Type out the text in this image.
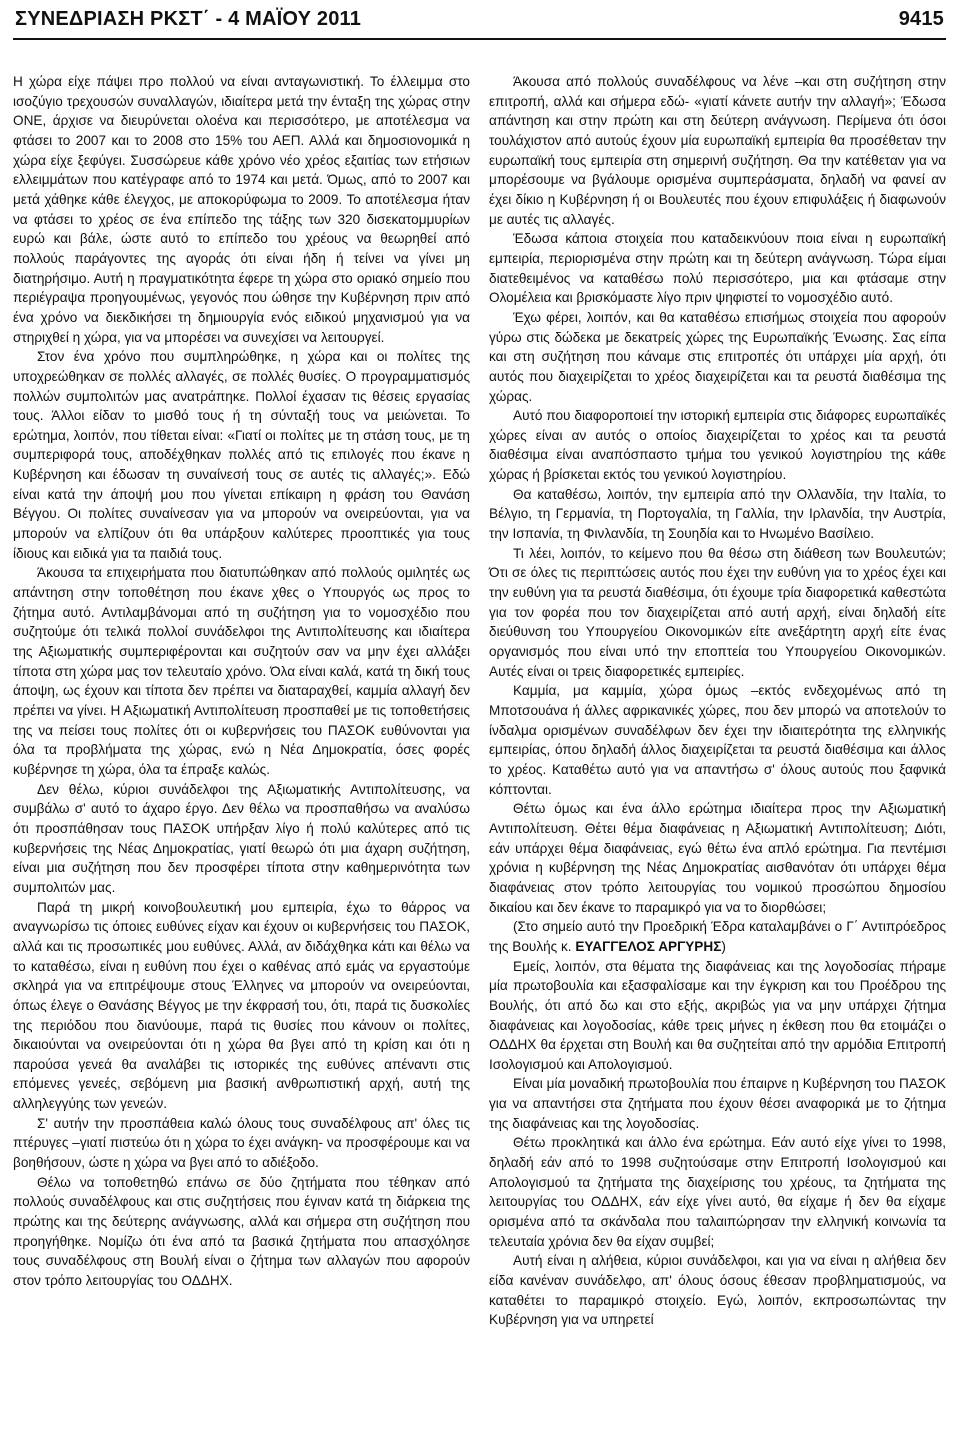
ΣΥΝΕΔΡΙΑΣΗ ΡΚΣΤ΄ - 4 ΜΑΪΟΥ 2011	9415

Η χώρα είχε πάψει προ πολλού να είναι ανταγωνιστική. Το έλλειμμα στο ισοζύγιο τρεχουσών συναλλαγών, ιδιαίτερα μετά την ένταξη της χώρας στην ΟΝΕ, άρχισε να διευρύνεται ολοένα και περισσότερο, με αποτέλεσμα να φτάσει το 2007 και το 2008 στο 15% του ΑΕΠ. Αλλά και δημοσιονομικά η χώρα είχε ξεφύγει. Συσσώρευε κάθε χρόνο νέο χρέος εξαιτίας των ετήσιων ελλειμμάτων που κατέγραφε από το 1974 και μετά. Όμως, από το 2007 και μετά χάθηκε κάθε έλεγχος, με αποκορύφωμα το 2009. Το αποτέλεσμα ήταν να φτάσει το χρέος σε ένα επίπεδο της τάξης των 320 δισεκατομμυρίων ευρώ και βάλε, ώστε αυτό το επίπεδο του χρέους να θεωρηθεί από πολλούς παράγοντες της αγοράς ότι είναι ήδη ή τείνει να γίνει μη διατηρήσιμο. Αυτή η πραγματικότητα έφερε τη χώρα στο οριακό σημείο που περιέγραψα προηγουμένως, γεγονός που ώθησε την Κυβέρνηση πριν από ένα χρόνο να διεκδικήσει τη δημιουργία ενός ειδικού μηχανισμού για να στηριχθεί η χώρα, για να μπορέσει να συνεχίσει να λειτουργεί.

Στον ένα χρόνο που συμπληρώθηκε, η χώρα και οι πολίτες της υποχρεώθηκαν σε πολλές αλλαγές, σε πολλές θυσίες. Ο προγραμματισμός πολλών συμπολιτών μας ανατράπηκε. Πολλοί έχασαν τις θέσεις εργασίας τους. Άλλοι είδαν το μισθό τους ή τη σύνταξή τους να μειώνεται. Το ερώτημα, λοιπόν, που τίθεται είναι: «Γιατί οι πολίτες με τη στάση τους, με τη συμπεριφορά τους, αποδέχθηκαν πολλές από τις επιλογές που έκανε η Κυβέρνηση και έδωσαν τη συναίνεσή τους σε αυτές τις αλλαγές;». Εδώ είναι κατά την άποψή μου που γίνεται επίκαιρη η φράση του Θανάση Βέγγου. Οι πολίτες συναίνεσαν για να μπορούν να ονειρεύονται, για να μπορούν να ελπίζουν ότι θα υπάρξουν καλύτερες προοπτικές για τους ίδιους και ειδικά για τα παιδιά τους.

Άκουσα τα επιχειρήματα που διατυπώθηκαν από πολλούς ομιλητές ως απάντηση στην τοποθέτηση που έκανε χθες ο Υπουργός ως προς το ζήτημα αυτό. Αντιλαμβάνομαι από τη συζήτηση για το νομοσχέδιο που συζητούμε ότι τελικά πολλοί συνάδελφοι της Αντιπολίτευσης και ιδιαίτερα της Αξιωματικής συμπεριφέρονται και συζητούν σαν να μην έχει αλλάξει τίποτα στη χώρα μας τον τελευταίο χρόνο. Όλα είναι καλά, κατά τη δική τους άποψη, ως έχουν και τίποτα δεν πρέπει να διαταραχθεί, καμμία αλλαγή δεν πρέπει να γίνει. Η Αξιωματική Αντιπολίτευση προσπαθεί με τις τοποθετήσεις της να πείσει τους πολίτες ότι οι κυβερνήσεις του ΠΑΣΟΚ ευθύνονται για όλα τα προβλήματα της χώρας, ενώ η Νέα Δημοκρατία, όσες φορές κυβέρνησε τη χώρα, όλα τα έπραξε καλώς.

Δεν θέλω, κύριοι συνάδελφοι της Αξιωματικής Αντιπολίτευσης, να συμβάλω σ' αυτό το άχαρο έργο. Δεν θέλω να προσπαθήσω να αναλύσω ότι προσπάθησαν τους ΠΑΣΟΚ υπήρξαν λίγο ή πολύ καλύτερες από τις κυβερνήσεις της Νέας Δημοκρατίας, γιατί θεωρώ ότι μια άχαρη συζήτηση, είναι μια συζήτηση που δεν προσφέρει τίποτα στην καθημερινότητα των συμπολιτών μας.

Παρά τη μικρή κοινοβουλευτική μου εμπειρία, έχω το θάρρος να αναγνωρίσω τις όποιες ευθύνες είχαν και έχουν οι κυβερνήσεις του ΠΑΣΟΚ, αλλά και τις προσωπικές μου ευθύνες. Αλλά, αν διδάχθηκα κάτι και θέλω να το καταθέσω, είναι η ευθύνη που έχει ο καθένας από εμάς να εργαστούμε σκληρά για να επιτρέψουμε στους Έλληνες να μπορούν να ονειρεύονται, όπως έλεγε ο Θανάσης Βέγγος με την έκφρασή του, ότι, παρά τις δυσκολίες της περιόδου που διανύουμε, παρά τις θυσίες που κάνουν οι πολίτες, δικαιούνται να ονειρεύονται ότι η χώρα θα βγει από τη κρίση και ότι η παρούσα γενεά θα αναλάβει τις ιστορικές της ευθύνες απέναντι στις επόμενες γενεές, σεβόμενη μια βασική ανθρωπιστική αρχή, αυτή της αλληλεγγύης των γενεών.

Σ' αυτήν την προσπάθεια καλώ όλους τους συναδέλφους απ' όλες τις πτέρυγες –γιατί πιστεύω ότι η χώρα το έχει ανάγκη- να προσφέρουμε και να βοηθήσουν, ώστε η χώρα να βγει από το αδιέξοδο.

Θέλω να τοποθετηθώ επάνω σε δύο ζητήματα που τέθηκαν από πολλούς συναδέλφους και στις συζητήσεις που έγιναν κατά τη διάρκεια της πρώτης και της δεύτερης ανάγνωσης, αλλά και σήμερα στη συζήτηση που προηγήθηκε. Νομίζω ότι ένα από τα βασικά ζητήματα που απασχόλησε τους συναδέλφους στη Βουλή είναι ο ζήτημα των αλλαγών που αφορούν στον τρόπο λειτουργίας του ΟΔΔΗΧ.

Άκουσα από πολλούς συναδέλφους να λένε –και στη συζήτηση στην επιτροπή, αλλά και σήμερα εδώ- «γιατί κάνετε αυτήν την αλλαγή»; Έδωσα απάντηση και στην πρώτη και στη δεύτερη ανάγνωση. Περίμενα ότι όσοι τουλάχιστον από αυτούς έχουν μία ευρωπαϊκή εμπειρία θα προσέθεταν την ευρωπαϊκή τους εμπειρία στη σημερινή συζήτηση. Θα την κατέθεταν για να μπορέσουμε να βγάλουμε ορισμένα συμπεράσματα, δηλαδή να φανεί αν έχει δίκιο η Κυβέρνηση ή οι Βουλευτές που έχουν επιφυλάξεις ή διαφωνούν με αυτές τις αλλαγές.

Έδωσα κάποια στοιχεία που καταδεικνύουν ποια είναι η ευρωπαϊκή εμπειρία, περιορισμένα στην πρώτη και τη δεύτερη ανάγνωση. Τώρα είμαι διατεθειμένος να καταθέσω πολύ περισσότερο, μια και φτάσαμε στην Ολομέλεια και βρισκόμαστε λίγο πριν ψηφιστεί το νομοσχέδιο αυτό.

Έχω φέρει, λοιπόν, και θα καταθέσω επισήμως στοιχεία που αφορούν γύρω στις δώδεκα με δεκατρείς χώρες της Ευρωπαϊκής Ένωσης. Σας είπα και στη συζήτηση που κάναμε στις επιτροπές ότι υπάρχει μία αρχή, ότι αυτός που διαχειρίζεται το χρέος διαχειρίζεται και τα ρευστά διαθέσιμα της χώρας.

Αυτό που διαφοροποιεί την ιστορική εμπειρία στις διάφορες ευρωπαϊκές χώρες είναι αν αυτός ο οποίος διαχειρίζεται το χρέος και τα ρευστά διαθέσιμα είναι αναπόσπαστο τμήμα του γενικού λογιστηρίου της κάθε χώρας ή βρίσκεται εκτός του γενικού λογιστηρίου.

Θα καταθέσω, λοιπόν, την εμπειρία από την Ολλανδία, την Ιταλία, το Βέλγιο, τη Γερμανία, τη Πορτογαλία, τη Γαλλία, την Ιρλανδία, την Αυστρία, την Ισπανία, τη Φινλανδία, τη Σουηδία και το Ηνωμένο Βασίλειο.

Τι λέει, λοιπόν, το κείμενο που θα θέσω στη διάθεση των Βουλευτών; Ότι σε όλες τις περιπτώσεις αυτός που έχει την ευθύνη για το χρέος έχει και την ευθύνη για τα ρευστά διαθέσιμα, ότι έχουμε τρία διαφορετικά καθεστώτα για τον φορέα που τον διαχειρίζεται από αυτή αρχή, είναι δηλαδή είτε διεύθυνση του Υπουργείου Οικονομικών είτε ανεξάρτητη αρχή είτε ένας οργανισμός που είναι υπό την εποπτεία του Υπουργείου Οικονομικών. Αυτές είναι οι τρεις διαφορετικές εμπειρίες.

Καμμία, μα καμμία, χώρα όμως –εκτός ενδεχομένως από τη Μποτσουάνα ή άλλες αφρικανικές χώρες, που δεν μπορώ να αποτελούν το ίνδαλμα ορισμένων συναδέλφων δεν έχει την ιδιαιτερότητα της ελληνικής εμπειρίας, όπου δηλαδή άλλος διαχειρίζεται τα ρευστά διαθέσιμα και άλλος το χρέος. Καταθέτω αυτό για να απαντήσω σ' όλους αυτούς που ξαφνικά κόπτονται.

Θέτω όμως και ένα άλλο ερώτημα ιδιαίτερα προς την Αξιωματική Αντιπολίτευση. Θέτει θέμα διαφάνειας η Αξιωματική Αντιπολίτευση; Διότι, εάν υπάρχει θέμα διαφάνειας, εγώ θέτω ένα απλό ερώτημα. Για πεντέμισι χρόνια η κυβέρνηση της Νέας Δημοκρατίας αισθανόταν ότι υπάρχει θέμα διαφάνειας στον τρόπο λειτουργίας του νομικού προσώπου δημοσίου δικαίου και δεν έκανε το παραμικρό για να το διορθώσει;

(Στο σημείο αυτό την Προεδρική Έδρα καταλαμβάνει ο Γ΄ Αντιπρόεδρος της Βουλής κ. ΕΥΑΓΓΕΛΟΣ ΑΡΓΥΡΗΣ)

Εμείς, λοιπόν, στα θέματα της διαφάνειας και της λογοδοσίας πήραμε μία πρωτοβουλία και εξασφαλίσαμε και την έγκριση και του Προέδρου της Βουλής, ότι από δω και στο εξής, ακριβώς για να μην υπάρχει ζήτημα διαφάνειας και λογοδοσίας, κάθε τρεις μήνες η έκθεση που θα ετοιμάζει ο ΟΔΔΗΧ θα έρχεται στη Βουλή και θα συζητείται από την αρμόδια Επιτροπή Ισολογισμού και Απολογισμού.

Είναι μία μοναδική πρωτοβουλία που έπαιρνε η Κυβέρνηση του ΠΑΣΟΚ για να απαντήσει στα ζητήματα που έχουν θέσει αναφορικά με το ζήτημα της διαφάνειας και της λογοδοσίας.

Θέτω προκλητικά και άλλο ένα ερώτημα. Εάν αυτό είχε γίνει το 1998, δηλαδή εάν από το 1998 συζητούσαμε στην Επιτροπή Ισολογισμού και Απολογισμού τα ζητήματα της διαχείρισης του χρέους, τα ζητήματα της λειτουργίας του ΟΔΔΗΧ, εάν είχε γίνει αυτό, θα είχαμε ή δεν θα είχαμε ορισμένα από τα σκάνδαλα που ταλαιπώρησαν την ελληνική κοινωνία τα τελευταία χρόνια δεν θα είχαν συμβεί;

Αυτή είναι η αλήθεια, κύριοι συνάδελφοι, και για να είναι η αλήθεια δεν είδα κανέναν συνάδελφο, απ' όλους όσους έθεσαν προβληματισμούς, να καταθέτει το παραμικρό στοιχείο. Εγώ, λοιπόν, εκπροσωπώντας την Κυβέρνηση για να υπηρετεί
